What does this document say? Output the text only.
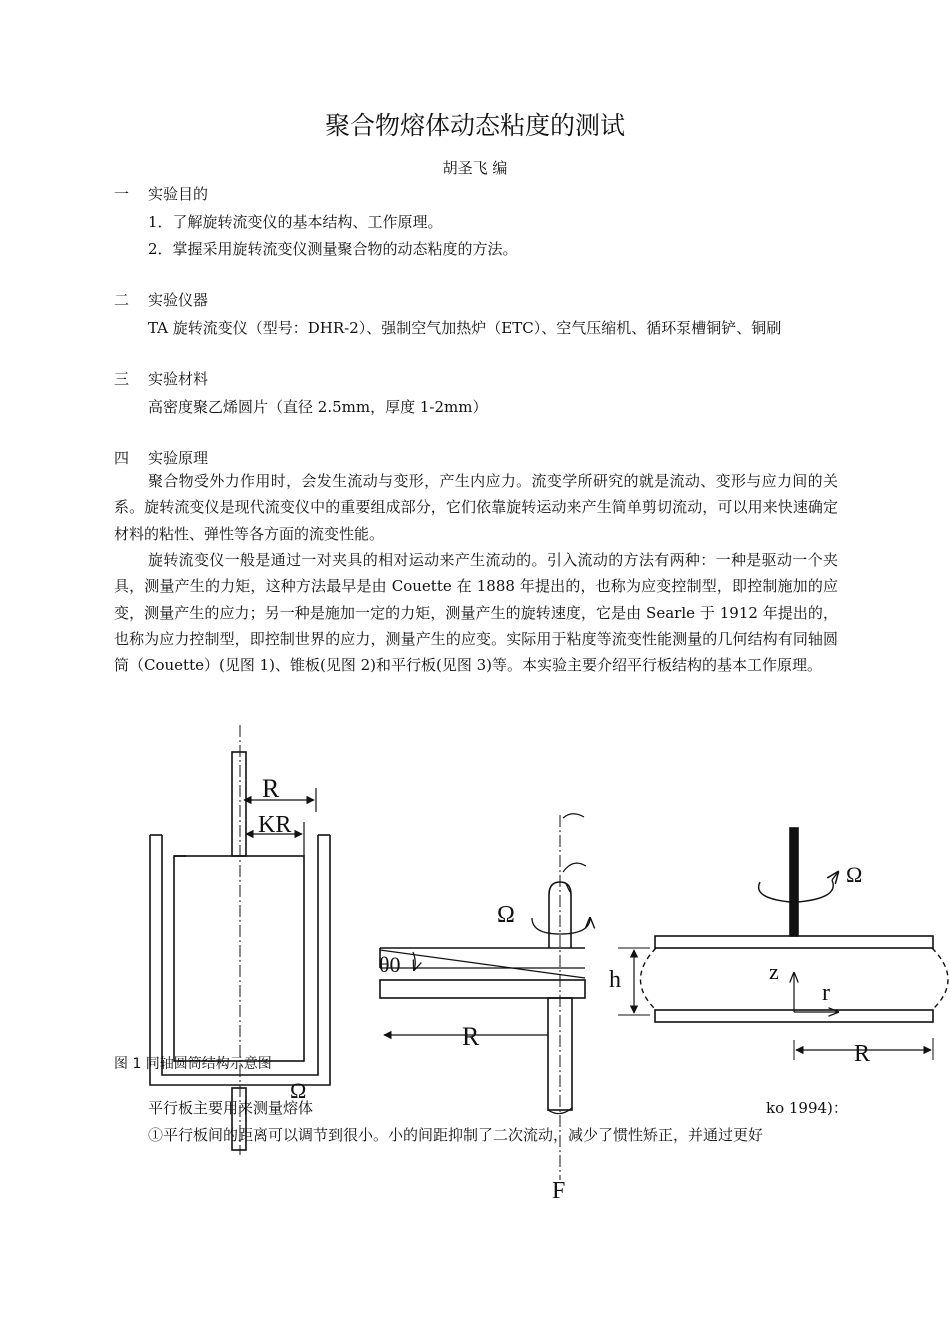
聚合物熔体动态粘度的测试
胡圣飞 编
一 实验目的
1．了解旋转流变仪的基本结构、工作原理。
2．掌握采用旋转流变仪测量聚合物的动态粘度的方法。
二 实验仪器
TA 旋转流变仪（型号：DHR-2）、强制空气加热炉（ETC）、空气压缩机、循环泵槽铜铲、铜刷
三 实验材料
高密度聚乙烯圆片（直径 2.5mm，厚度 1-2mm）
四 实验原理
聚合物受外力作用时，会发生流动与变形，产生内应力。流变学所研究的就是流动、变形与应力间的关系。旋转流变仪是现代流变仪中的重要组成部分，它们依靠旋转运动来产生简单剪切流动，可以用来快速确定材料的粘性、弹性等各方面的流变性能。
旋转流变仪一般是通过一对夹具的相对运动来产生流动的。引入流动的方法有两种：一种是驱动一个夹具，测量产生的力矩，这种方法最早是由 Couette 在 1888 年提出的，也称为应变控制型，即控制施加的应变，测量产生的应力；另一种是施加一定的力矩，测量产生的旋转速度，它是由 Searle 于 1912 年提出的，也称为应力控制型，即控制世界的应力，测量产生的应变。实际用于粘度等流变性能测量的几何结构有同轴圆筒（Couette）(见图 1)、锥板(见图 2)和平行板(见图 3)等。本实验主要介绍平行板结构的基本工作原理。
R
KR
Ω
Ω
θ0
R
F
Ω
h	z
r
R
图 1 同轴圆筒结构示意图
平行板主要用来测量熔体	ko 1994)：
①平行板间的距离可以调节到很小。小的间距抑制了二次流动，减少了惯性矫正，并通过更好
